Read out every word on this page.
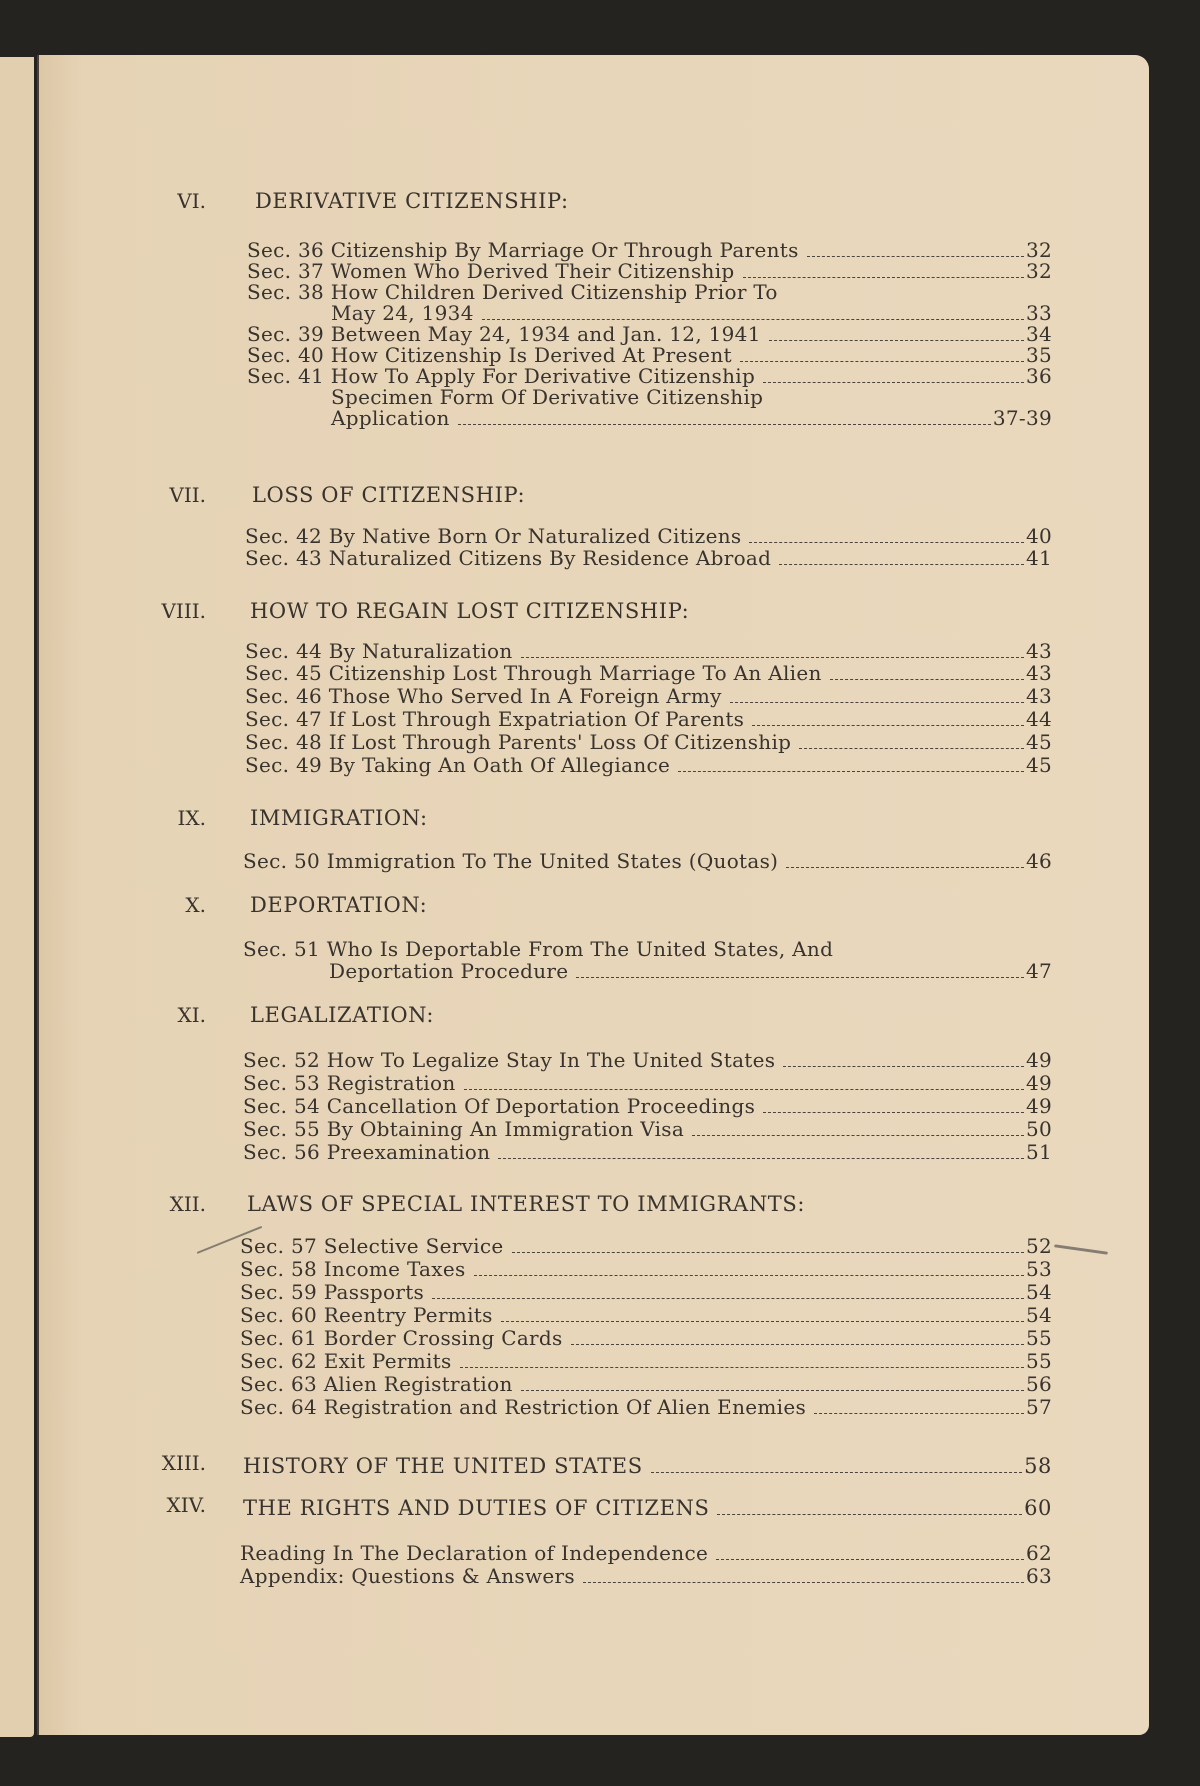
VI. DERIVATIVE CITIZENSHIP:
Sec. 36 Citizenship By Marriage Or Through Parents	32
Sec. 37 Women Who Derived Their Citizenship	32
Sec. 38 How Children Derived Citizenship Prior To
May 24, 1934	33
Sec. 39 Between May 24, 1934 and Jan. 12, 1941	34
Sec. 40 How Citizenship Is Derived At Present	35
Sec. 41 How To Apply For Derivative Citizenship	36
Specimen Form Of Derivative Citizenship
Application	37-39
VII. LOSS OF CITIZENSHIP:
Sec. 42 By Native Born Or Naturalized Citizens	40
Sec. 43 Naturalized Citizens By Residence Abroad	41
VIII. HOW TO REGAIN LOST CITIZENSHIP:
Sec. 44 By Naturalization	43
Sec. 45 Citizenship Lost Through Marriage To An Alien	43
Sec. 46 Those Who Served In A Foreign Army	43
Sec. 47 If Lost Through Expatriation Of Parents	44
Sec. 48 If Lost Through Parents' Loss Of Citizenship	45
Sec. 49 By Taking An Oath Of Allegiance	45
IX. IMMIGRATION:
Sec. 50 Immigration To The United States (Quotas)	46
X. DEPORTATION:
Sec. 51 Who Is Deportable From The United States, And
Deportation Procedure	47
XI. LEGALIZATION:
Sec. 52 How To Legalize Stay In The United States	49
Sec. 53 Registration	49
Sec. 54 Cancellation Of Deportation Proceedings	49
Sec. 55 By Obtaining An Immigration Visa	50
Sec. 56 Preexamination	51
XII. LAWS OF SPECIAL INTEREST TO IMMIGRANTS:
Sec. 57 Selective Service	52
Sec. 58 Income Taxes	53
Sec. 59 Passports	54
Sec. 60 Reentry Permits	54
Sec. 61 Border Crossing Cards	55
Sec. 62 Exit Permits	55
Sec. 63 Alien Registration	56
Sec. 64 Registration and Restriction Of Alien Enemies	57
XIII. HISTORY OF THE UNITED STATES	58
XIV. THE RIGHTS AND DUTIES OF CITIZENS	60
Reading In The Declaration of Independence	62
Appendix: Questions & Answers	63
